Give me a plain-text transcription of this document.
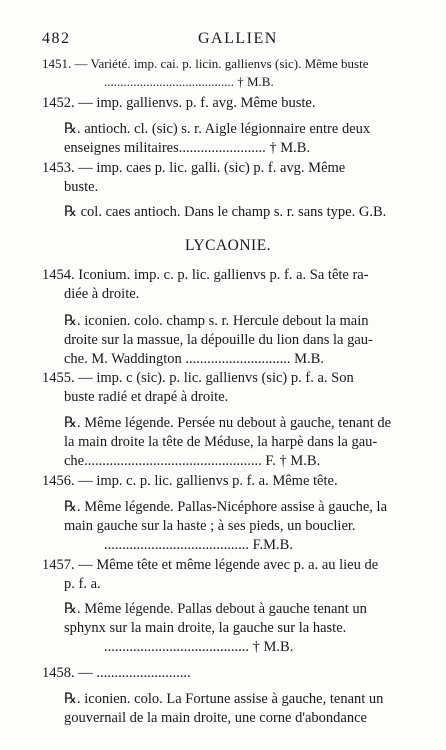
482	GALLIEN
1451. — Variété. imp. cai. p. licin. gallienvs (sic). Même buste
........................................ † M.B.
1452. — imp. gallienvs. p. f. avg. Même buste.
℞. antioch. cl. (sic) s. r. Aigle légionnaire entre deux
enseignes militaires........................ † M.B.
1453. — imp. caes p. lic. galli. (sic) p. f. avg. Même
buste.
℞ col. caes antioch. Dans le champ s. r. sans type. G.B.
LYCAONIE.
1454. Iconium. imp. c. p. lic. gallienvs p. f. a. Sa tête ra-
diée à droite.
℞. iconien. colo. champ s. r. Hercule debout la main
droite sur la massue, la dépouille du lion dans la gau-
che. M. Waddington ............................. M.B.
1455. — imp. c (sic). p. lic. gallienvs (sic) p. f. a. Son
buste radié et drapé à droite.
℞. Même légende. Persée nu debout à gauche, tenant de
la main droite la tête de Méduse, la harpè dans la gau-
che................................................. F. † M.B.
1456. — imp. c. p. lic. gallienvs p. f. a. Même tête.
℞. Même légende. Pallas-Nicéphore assise à gauche, la
main gauche sur la haste ; à ses pieds, un bouclier.
........................................ F.M.B.
1457. — Même tête et même légende avec p. a. au lieu de
p. f. a.
℞. Même légende. Pallas debout à gauche tenant un
sphynx sur la main droite, la gauche sur la haste.
........................................ † M.B.
1458. — ..........................
℞. iconien. colo. La Fortune assise à gauche, tenant un
gouvernail de la main droite, une corne d'abondance
